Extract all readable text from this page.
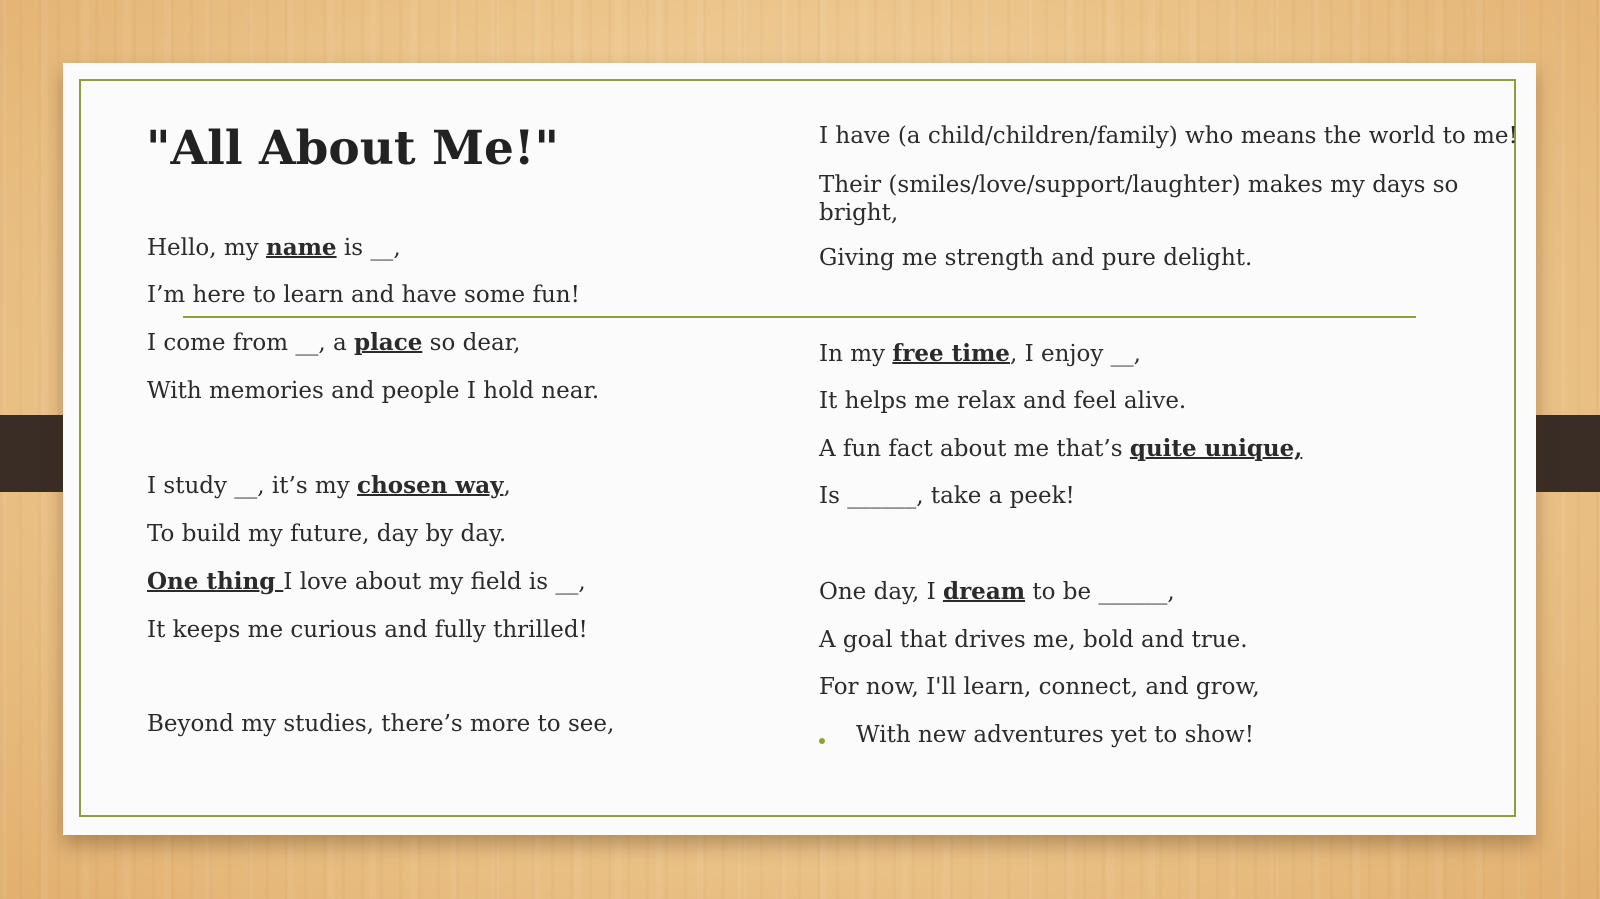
"All About Me!"

Hello, my name is __,

I’m here to learn and have some fun!

I come from __, a place so dear,

With memories and people I hold near.

I study __, it’s my chosen way,

To build my future, day by day.

One thing I love about my field is __,

It keeps me curious and fully thrilled!

Beyond my studies, there’s more to see,

I have (a child/children/family) who means the world to me!

Their (smiles/love/support/laughter) makes my days so bright,

Giving me strength and pure delight.

In my free time, I enjoy __,

It helps me relax and feel alive.

A fun fact about me that’s quite unique,

Is ______, take a peek!

One day, I dream to be ______,

A goal that drives me, bold and true.

For now, I'll learn, connect, and grow,

With new adventures yet to show!
